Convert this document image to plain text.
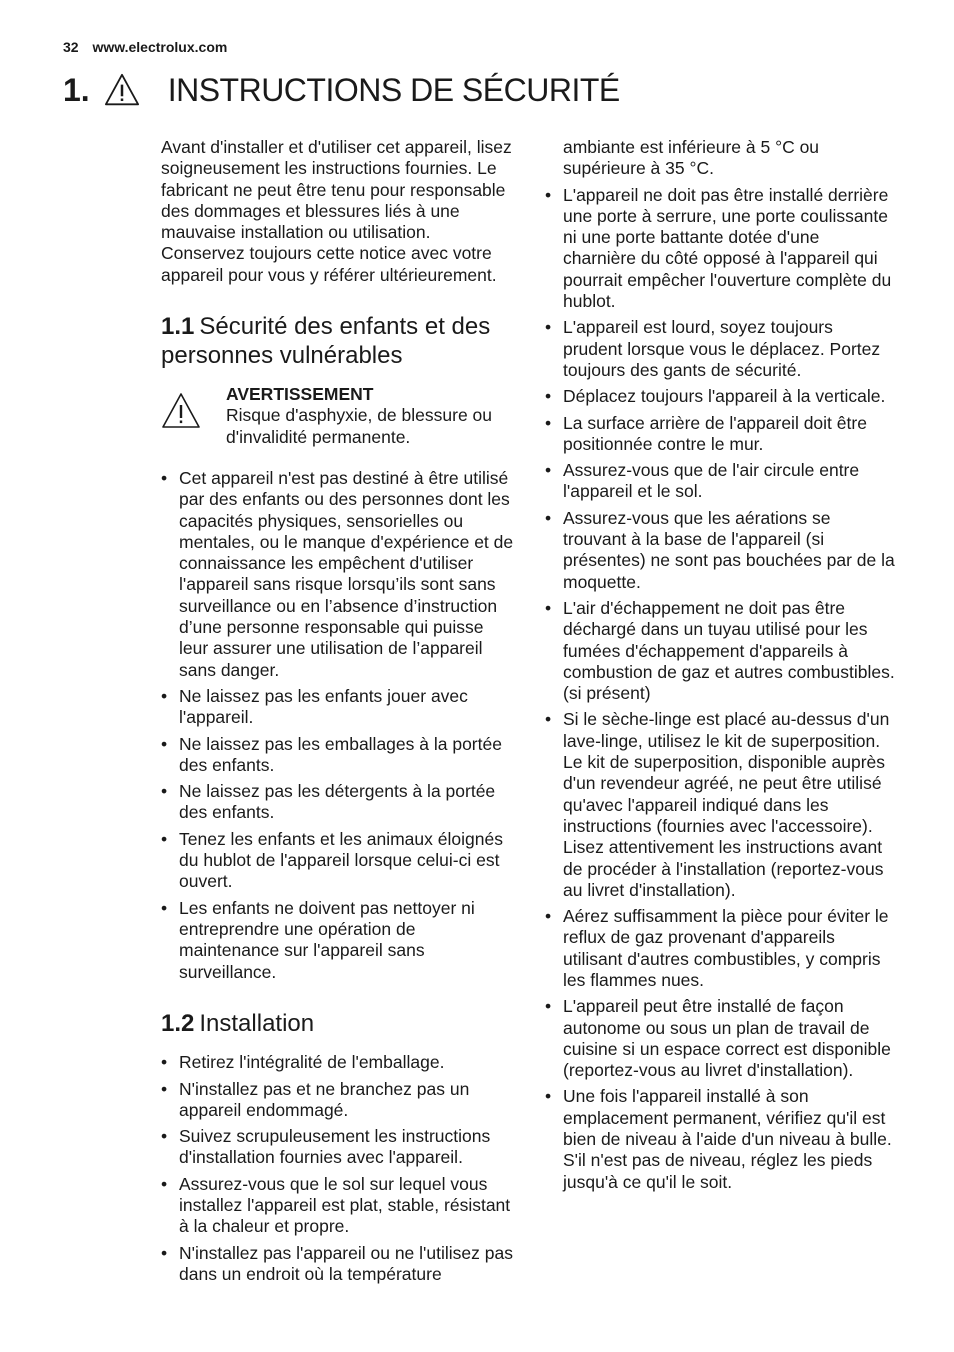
32 www.electrolux.com
1. INSTRUCTIONS DE SÉCURITÉ

Avant d'installer et d'utiliser cet appareil, lisez soigneusement les instructions fournies. Le fabricant ne peut être tenu pour responsable des dommages et blessures liés à une mauvaise installation ou utilisation. Conservez toujours cette notice avec votre appareil pour vous y référer ultérieurement.

1.1 Sécurité des enfants et des personnes vulnérables
AVERTISSEMENT
Risque d'asphyxie, de blessure ou d'invalidité permanente.
• Cet appareil n'est pas destiné à être utilisé par des enfants ou des personnes dont les capacités physiques, sensorielles ou mentales, ou le manque d'expérience et de connaissance les empêchent d'utiliser l'appareil sans risque lorsqu’ils sont sans surveillance ou en l’absence d’instruction d’une personne responsable qui puisse leur assurer une utilisation de l’appareil sans danger.
• Ne laissez pas les enfants jouer avec l'appareil.
• Ne laissez pas les emballages à la portée des enfants.
• Ne laissez pas les détergents à la portée des enfants.
• Tenez les enfants et les animaux éloignés du hublot de l'appareil lorsque celui-ci est ouvert.
• Les enfants ne doivent pas nettoyer ni entreprendre une opération de maintenance sur l'appareil sans surveillance.
1.2 Installation
• Retirez l'intégralité de l'emballage.
• N'installez pas et ne branchez pas un appareil endommagé.
• Suivez scrupuleusement les instructions d'installation fournies avec l'appareil.
• Assurez-vous que le sol sur lequel vous installez l'appareil est plat, stable, résistant à la chaleur et propre.
• N'installez pas l'appareil ou ne l'utilisez pas dans un endroit où la température
ambiante est inférieure à 5 °C ou supérieure à 35 °C.
• L'appareil ne doit pas être installé derrière une porte à serrure, une porte coulissante ni une porte battante dotée d'une charnière du côté opposé à l'appareil qui pourrait empêcher l'ouverture complète du hublot.
• L'appareil est lourd, soyez toujours prudent lorsque vous le déplacez. Portez toujours des gants de sécurité.
• Déplacez toujours l'appareil à la verticale.
• La surface arrière de l'appareil doit être positionnée contre le mur.
• Assurez-vous que de l'air circule entre l'appareil et le sol.
• Assurez-vous que les aérations se trouvant à la base de l'appareil (si présentes) ne sont pas bouchées par de la moquette.
• L'air d'échappement ne doit pas être déchargé dans un tuyau utilisé pour les fumées d'échappement d'appareils à combustion de gaz et autres combustibles. (si présent)
• Si le sèche-linge est placé au-dessus d'un lave-linge, utilisez le kit de superposition. Le kit de superposition, disponible auprès d'un revendeur agréé, ne peut être utilisé qu'avec l'appareil indiqué dans les instructions (fournies avec l'accessoire). Lisez attentivement les instructions avant de procéder à l'installation (reportez-vous au livret d'installation).
• Aérez suffisamment la pièce pour éviter le reflux de gaz provenant d'appareils utilisant d'autres combustibles, y compris les flammes nues.
• L'appareil peut être installé de façon autonome ou sous un plan de travail de cuisine si un espace correct est disponible (reportez-vous au livret d'installation).
• Une fois l'appareil installé à son emplacement permanent, vérifiez qu'il est bien de niveau à l'aide d'un niveau à bulle. S'il n'est pas de niveau, réglez les pieds jusqu'à ce qu'il le soit.
